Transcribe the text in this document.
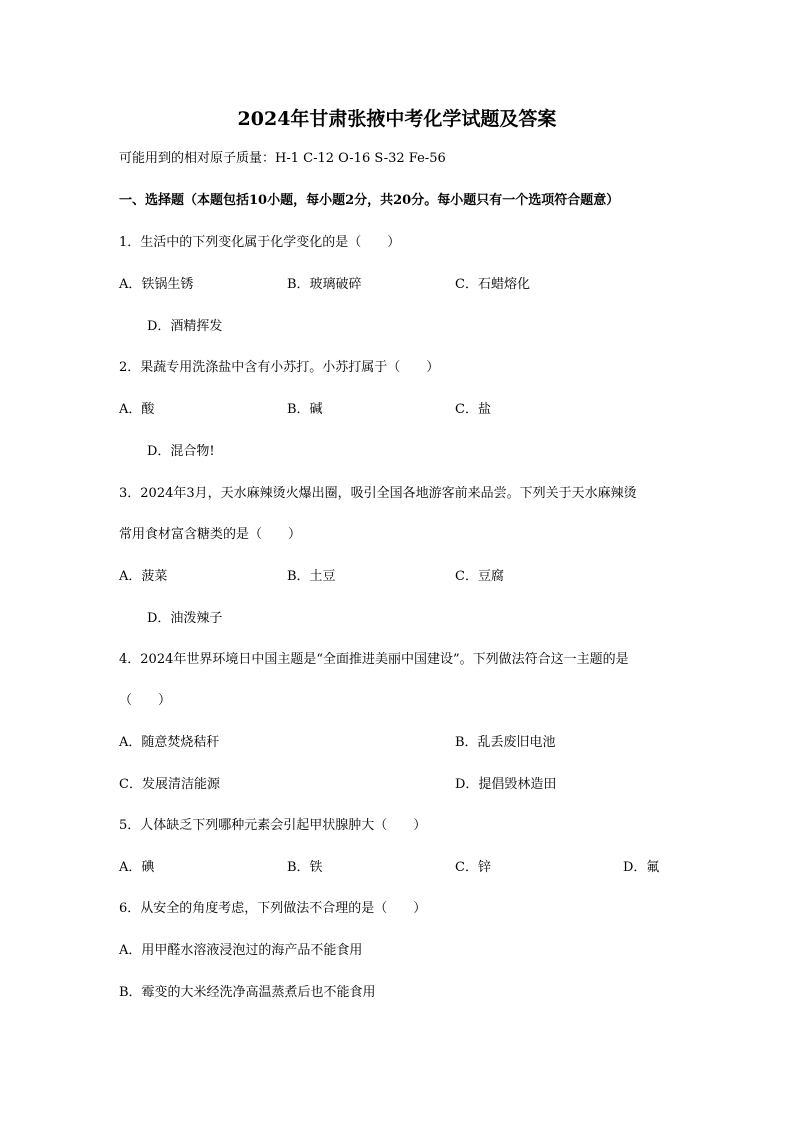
2024年甘肃张掖中考化学试题及答案
可能用到的相对原子质量：H-1 C-12 O-16 S-32 Fe-56
一、选择题（本题包括10小题，每小题2分，共20分。每小题只有一个选项符合题意）
1．生活中的下列变化属于化学变化的是（　　）
A．铁锅生锈	B．玻璃破碎	C．石蜡熔化
D．酒精挥发
2．果蔬专用洗涤盐中含有小苏打。小苏打属于（　　）
A．酸	B．碱	C．盐
D．混合物!
3．2024年3月，天水麻辣烫火爆出圈，吸引全国各地游客前来品尝。下列关于天水麻辣烫
常用食材富含糖类的是（　　）
A．菠菜	B．土豆	C．豆腐
D．油泼辣子
4．2024年世界环境日中国主题是“全面推进美丽中国建设”。下列做法符合这一主题的是
（　　）
A．随意焚烧秸秆	B．乱丢废旧电池
C．发展清洁能源	D．提倡毁林造田
5．人体缺乏下列哪种元素会引起甲状腺肿大（　　）
A．碘	B．铁	C．锌	D．氟
6．从安全的角度考虑，下列做法不合理的是（　　）
A．用甲醛水溶液浸泡过的海产品不能食用
B．霉变的大米经洗净高温蒸煮后也不能食用
